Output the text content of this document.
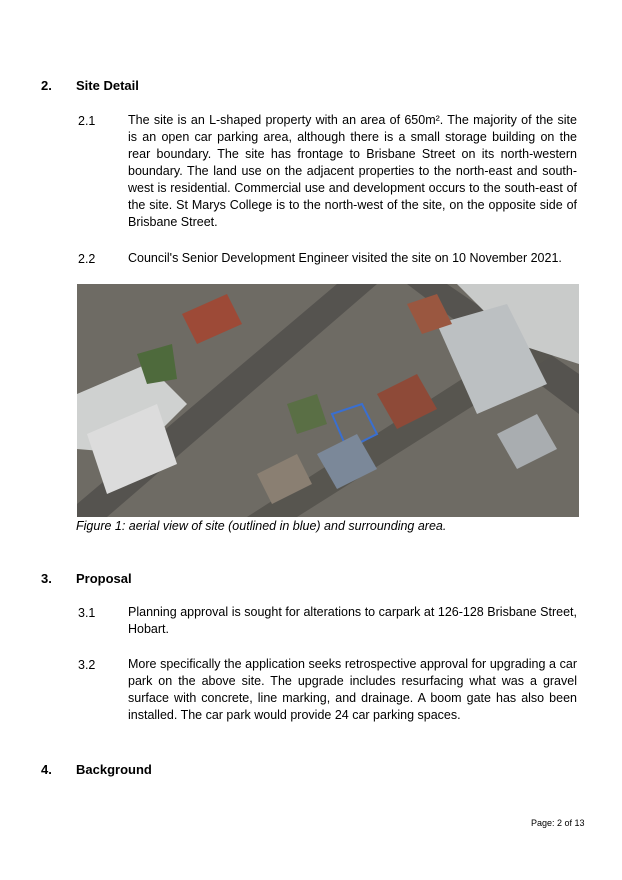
2. Site Detail
2.1	The site is an L-shaped property with an area of 650m². The majority of the site is an open car parking area, although there is a small storage building on the rear boundary. The site has frontage to Brisbane Street on its north-western boundary. The land use on the adjacent properties to the north-east and south-west is residential. Commercial use and development occurs to the south-east of the site. St Marys College is to the north-west of the site, on the opposite side of Brisbane Street.
2.2	Council's Senior Development Engineer visited the site on 10 November 2021.
Figure 1: aerial view of site (outlined in blue) and surrounding area.
3. Proposal
3.1	Planning approval is sought for alterations to carpark at 126-128 Brisbane Street, Hobart.
3.2	More specifically the application seeks retrospective approval for upgrading a car park on the above site. The upgrade includes resurfacing what was a gravel surface with concrete, line marking, and drainage. A boom gate has also been installed. The car park would provide 24 car parking spaces.
4. Background
Page: 2 of 13
